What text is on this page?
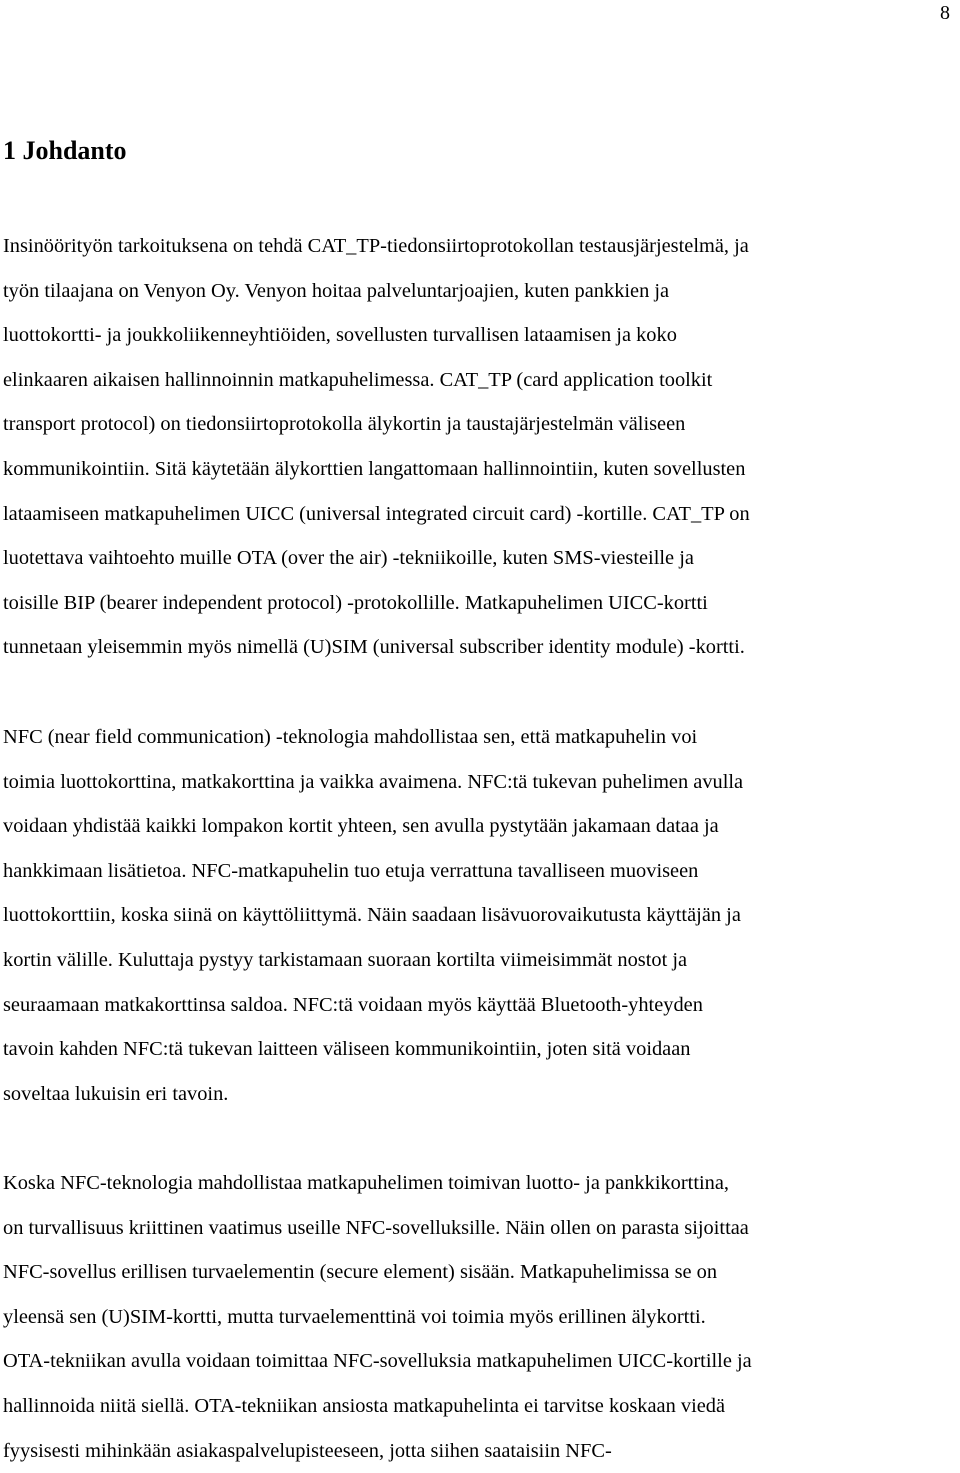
8
1 Johdanto

Insinöörityön tarkoituksena on tehdä CAT_TP-tiedonsiirtoprotokollan testausjärjestelmä, ja
työn tilaajana on Venyon Oy. Venyon hoitaa palveluntarjoajien, kuten pankkien ja
luottokortti- ja joukkoliikenneyhtiöiden, sovellusten turvallisen lataamisen ja koko
elinkaaren aikaisen hallinnoinnin matkapuhelimessa. CAT_TP (card application toolkit
transport protocol) on tiedonsiirtoprotokolla älykortin ja taustajärjestelmän väliseen
kommunikointiin. Sitä käytetään älykorttien langattomaan hallinnointiin, kuten sovellusten
lataamiseen matkapuhelimen UICC (universal integrated circuit card) -kortille. CAT_TP on
luotettava vaihtoehto muille OTA (over the air) -tekniikoille, kuten SMS-viesteille ja
toisille BIP (bearer independent protocol) -protokollille. Matkapuhelimen UICC-kortti
tunnetaan yleisemmin myös nimellä (U)SIM (universal subscriber identity module) -kortti.

NFC (near field communication) -teknologia mahdollistaa sen, että matkapuhelin voi
toimia luottokorttina, matkakorttina ja vaikka avaimena. NFC:tä tukevan puhelimen avulla
voidaan yhdistää kaikki lompakon kortit yhteen, sen avulla pystytään jakamaan dataa ja
hankkimaan lisätietoa. NFC-matkapuhelin tuo etuja verrattuna tavalliseen muoviseen
luottokorttiin, koska siinä on käyttöliittymä. Näin saadaan lisävuorovaikutusta käyttäjän ja
kortin välille. Kuluttaja pystyy tarkistamaan suoraan kortilta viimeisimmät nostot ja
seuraamaan matkakorttinsa saldoa. NFC:tä voidaan myös käyttää Bluetooth-yhteyden
tavoin kahden NFC:tä tukevan laitteen väliseen kommunikointiin, joten sitä voidaan
soveltaa lukuisin eri tavoin.

Koska NFC-teknologia mahdollistaa matkapuhelimen toimivan luotto- ja pankkikorttina,
on turvallisuus kriittinen vaatimus useille NFC-sovelluksille. Näin ollen on parasta sijoittaa
NFC-sovellus erillisen turvaelementin (secure element) sisään. Matkapuhelimissa se on
yleensä sen (U)SIM-kortti, mutta turvaelementtinä voi toimia myös erillinen älykortti.
OTA-tekniikan avulla voidaan toimittaa NFC-sovelluksia matkapuhelimen UICC-kortille ja
hallinnoida niitä siellä. OTA-tekniikan ansiosta matkapuhelinta ei tarvitse koskaan viedä
fyysisesti mihinkään asiakaspalvelupisteeseen, jotta siihen saataisiin NFC-
